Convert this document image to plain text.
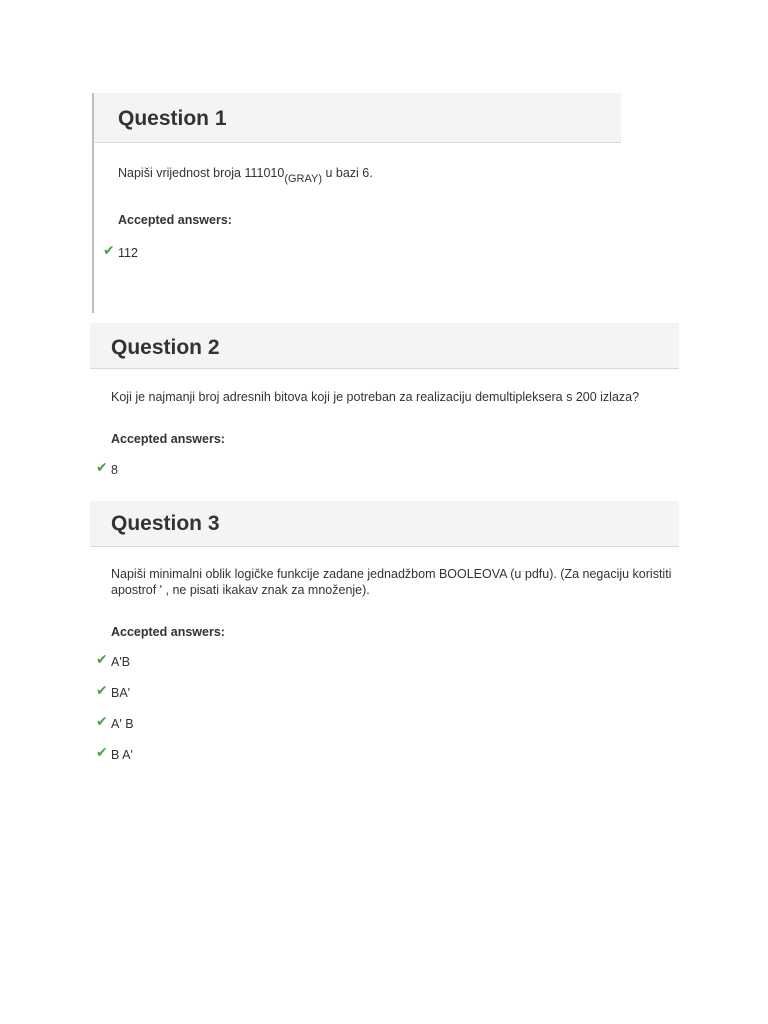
Question 1
Napiši vrijednost broja $111010_{(GRAY)}$ u bazi 6.
Accepted answers:
✔ 112
Question 2
Koji je najmanji broj adresnih bitova koji je potreban za realizaciju demultipleksera s 200 izlaza?
Accepted answers:
✔ 8
Question 3
Napiši minimalni oblik logičke funkcije zadane jednadžbom BOOLEOVA (u pdfu). (Za negaciju koristiti apostrof ' , ne pisati ikakav znak za množenje).
✔ A'B
✔ BA'
✔ A' B
✔ B A'
Accepted answers:
